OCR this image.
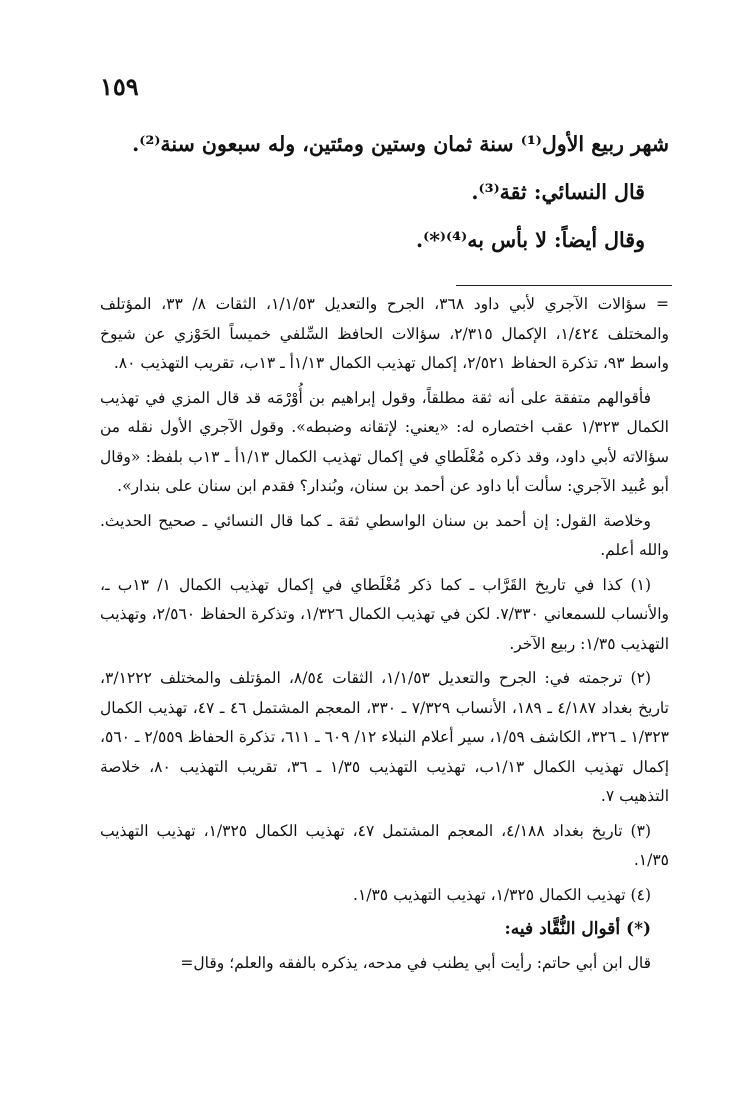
١٥٩
شهر ربيع الأول⁽¹⁾ سنة ثمان وستين ومئتين، وله سبعون سنة⁽²⁾.
قال النسائي: ثقة⁽³⁾.
وقال أيضاً: لا بأس به⁽⁴⁾⁽*⁾.

= سؤالات الآجري لأبي داود ٣٦٨، الجرح والتعديل ١/١/٥٣، الثقات ٨/ ٣٣، المؤتلف والمختلف ١/٤٢٤، الإكمال ٢/٣١٥، سؤالات الحافظ السِّلفي خميساً الحَوْزي عن شيوخ واسط ٩٣، تذكرة الحفاظ ٢/٥٢١، إكمال تهذيب الكمال ١/١٣أ ـ ١٣ب، تقريب التهذيب ٨٠.

فأقوالهم متفقة على أنه ثقة مطلقاً، وقول إبراهيم بن أُوْرْمَه قد قال المزي في تهذيب الكمال ١/٣٢٣ عقب اختصاره له: «يعني: لإتقانه وضبطه». وقول الآجري الأول نقله من سؤالاته لأبي داود، وقد ذكره مُغْلَطاي في إكمال تهذيب الكمال ١/١٣أ ـ ١٣ب بلفظ: «وقال أبو عُبيد الآجري: سألت أبا داود عن أحمد بن سنان، وبُندار؟ فقدم ابن سنان على بندار».

وخلاصة القول: إن أحمد بن سنان الواسطي ثقة ـ كما قال النسائي ـ صحيح الحديث. والله أعلم.

(١) كذا في تاريخ القَرَّاب ـ كما ذكر مُغْلَطاي في إكمال تهذيب الكمال ١/ ١٣ب ـ، والأنساب للسمعاني ٧/٣٣٠. لكن في تهذيب الكمال ١/٣٢٦، وتذكرة الحفاظ ٢/٥٦٠، وتهذيب التهذيب ١/٣٥: ربيع الآخر.

(٢) ترجمته في: الجرح والتعديل ١/١/٥٣، الثقات ٨/٥٤، المؤتلف والمختلف ٣/١٢٢٢، تاريخ بغداد ٤/١٨٧ ـ ١٨٩، الأنساب ٧/٣٢٩ ـ ٣٣٠، المعجم المشتمل ٤٦ ـ ٤٧، تهذيب الكمال ١/٣٢٣ ـ ٣٢٦، الكاشف ١/٥٩، سير أعلام النبلاء ١٢/ ٦٠٩ ـ ٦١١، تذكرة الحفاظ ٢/٥٥٩ ـ ٥٦٠، إكمال تهذيب الكمال ١/١٣ب، تهذيب التهذيب ١/٣٥ ـ ٣٦، تقريب التهذيب ٨٠، خلاصة التذهيب ٧.

(٣) تاريخ بغداد ٤/١٨٨، المعجم المشتمل ٤٧، تهذيب الكمال ١/٣٢٥، تهذيب التهذيب ١/٣٥.

(٤) تهذيب الكمال ١/٣٢٥، تهذيب التهذيب ١/٣٥.

(*) أقوال النُّقَّاد فيه:

قال ابن أبي حاتم: رأيت أبي يطنب في مدحه، يذكره بالفقه والعلم؛ وقال=
